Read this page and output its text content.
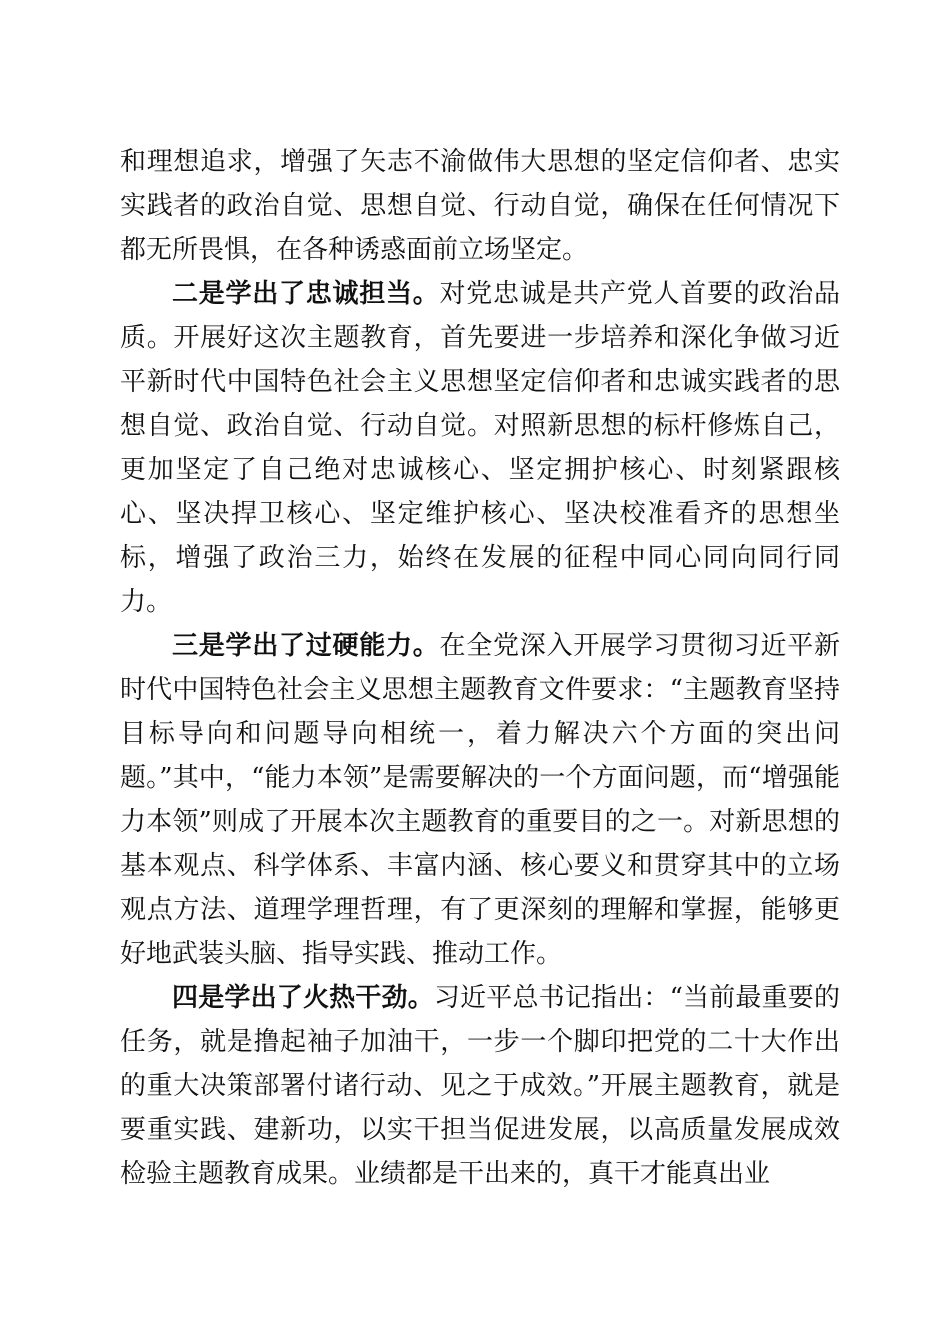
和理想追求，增强了矢志不渝做伟大思想的坚定信仰者、忠实实践者的政治自觉、思想自觉、行动自觉，确保在任何情况下都无所畏惧，在各种诱惑面前立场坚定。

二是学出了忠诚担当。对党忠诚是共产党人首要的政治品质。开展好这次主题教育，首先要进一步培养和深化争做习近平新时代中国特色社会主义思想坚定信仰者和忠诚实践者的思想自觉、政治自觉、行动自觉。对照新思想的标杆修炼自己，更加坚定了自己绝对忠诚核心、坚定拥护核心、时刻紧跟核心、坚决捍卫核心、坚定维护核心、坚决校准看齐的思想坐标，增强了政治三力，始终在发展的征程中同心同向同行同力。

三是学出了过硬能力。在全党深入开展学习贯彻习近平新时代中国特色社会主义思想主题教育文件要求：“主题教育坚持目标导向和问题导向相统一，着力解决六个方面的突出问题。”其中，“能力本领”是需要解决的一个方面问题，而“增强能力本领”则成了开展本次主题教育的重要目的之一。对新思想的基本观点、科学体系、丰富内涵、核心要义和贯穿其中的立场观点方法、道理学理哲理，有了更深刻的理解和掌握，能够更好地武装头脑、指导实践、推动工作。

四是学出了火热干劲。习近平总书记指出：“当前最重要的任务，就是撸起袖子加油干，一步一个脚印把党的二十大作出的重大决策部署付诸行动、见之于成效。”开展主题教育，就是要重实践、建新功，以实干担当促进发展，以高质量发展成效检验主题教育成果。业绩都是干出来的，真干才能真出业
